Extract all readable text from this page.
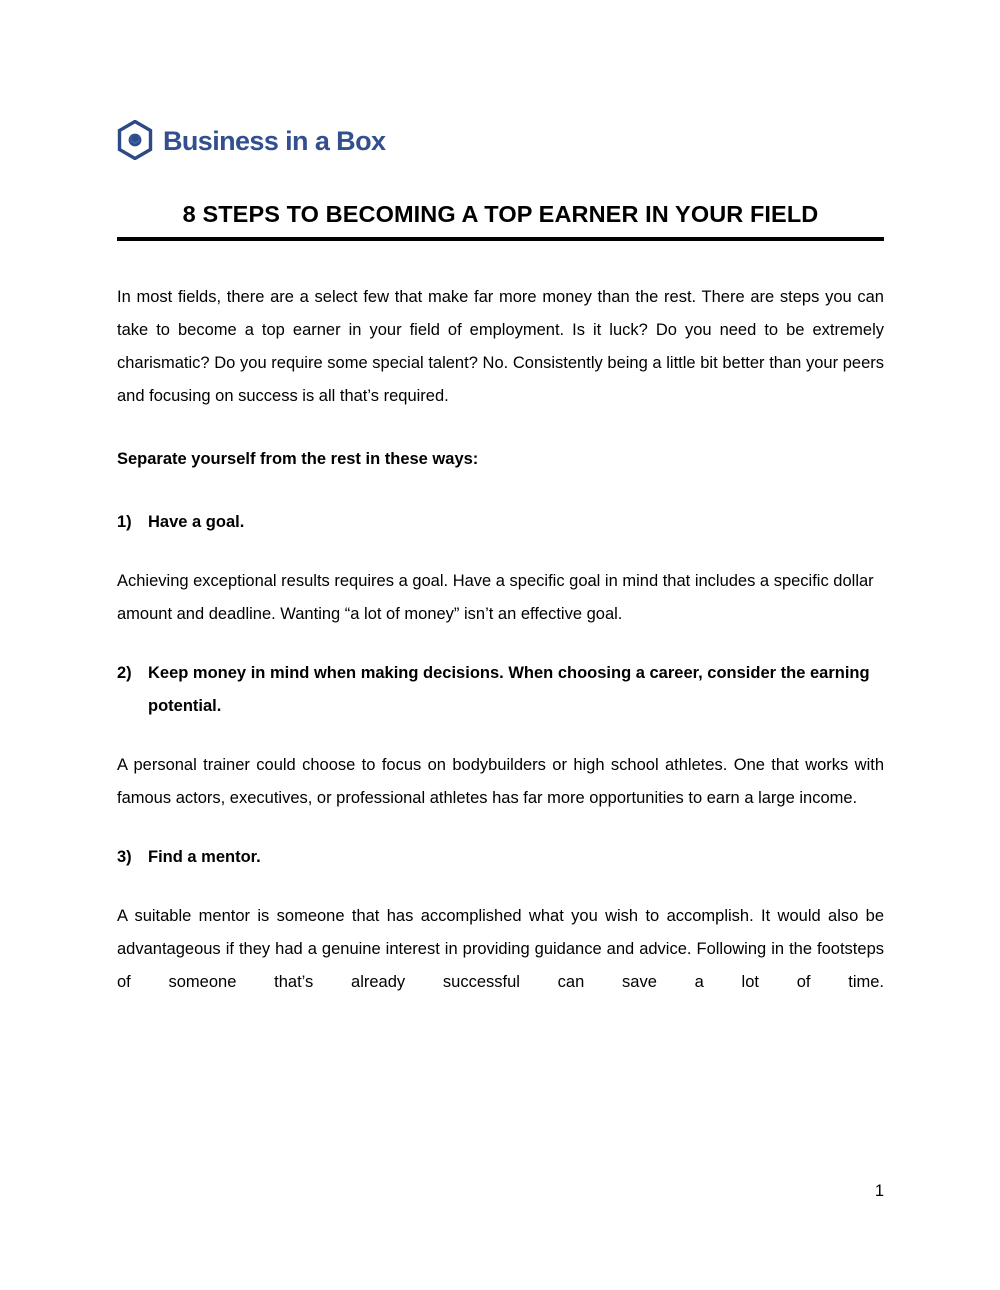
Business in a Box
8 STEPS TO BECOMING A TOP EARNER IN YOUR FIELD

In most fields, there are a select few that make far more money than the rest. There are steps you can take to become a top earner in your field of employment. Is it luck? Do you need to be extremely charismatic? Do you require some special talent? No. Consistently being a little bit better than your peers and focusing on success is all that’s required.

Separate yourself from the rest in these ways:

1) Have a goal.

Achieving exceptional results requires a goal. Have a specific goal in mind that includes a specific dollar amount and deadline. Wanting “a lot of money” isn’t an effective goal.

2) Keep money in mind when making decisions. When choosing a career, consider the earning potential.

A personal trainer could choose to focus on bodybuilders or high school athletes. One that works with famous actors, executives, or professional athletes has far more opportunities to earn a large income.

3) Find a mentor.

A suitable mentor is someone that has accomplished what you wish to accomplish. It would also be advantageous if they had a genuine interest in providing guidance and advice. Following in the footsteps of someone that’s already successful can save a lot of time.

1
